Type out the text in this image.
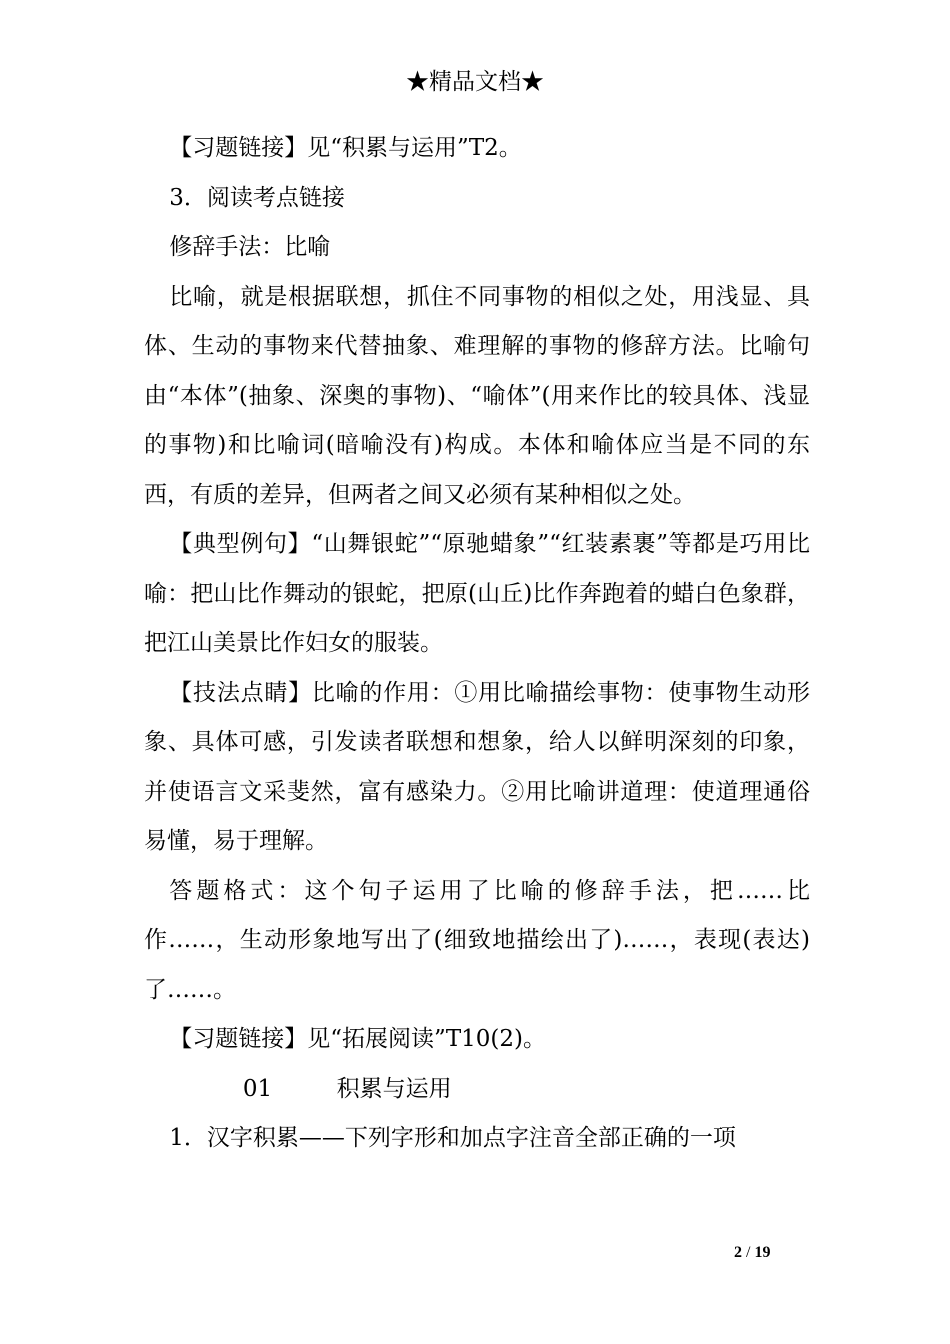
★精品文档★

【习题链接】见“积累与运用”T2。

3．阅读考点链接

修辞手法：比喻

比喻，就是根据联想，抓住不同事物的相似之处，用浅显、具体、生动的事物来代替抽象、难理解的事物的修辞方法。比喻句由“本体”(抽象、深奥的事物)、“喻体”(用来作比的较具体、浅显的事物)和比喻词(暗喻没有)构成。本体和喻体应当是不同的东西，有质的差异，但两者之间又必须有某种相似之处。

【典型例句】“山舞银蛇”“原驰蜡象”“红装素裹”等都是巧用比喻：把山比作舞动的银蛇，把原(山丘)比作奔跑着的蜡白色象群，把江山美景比作妇女的服装。

【技法点睛】比喻的作用：①用比喻描绘事物：使事物生动形象、具体可感，引发读者联想和想象，给人以鲜明深刻的印象，并使语言文采斐然，富有感染力。②用比喻讲道理：使道理通俗易懂，易于理解。

答题格式：这个句子运用了比喻的修辞手法，把……比作……，生动形象地写出了(细致地描绘出了)……，表现(表达)了……。

【习题链接】见“拓展阅读”T10(2)。

01	积累与运用

1．汉字积累——下列字形和加点字注音全部正确的一项

2 / 19
